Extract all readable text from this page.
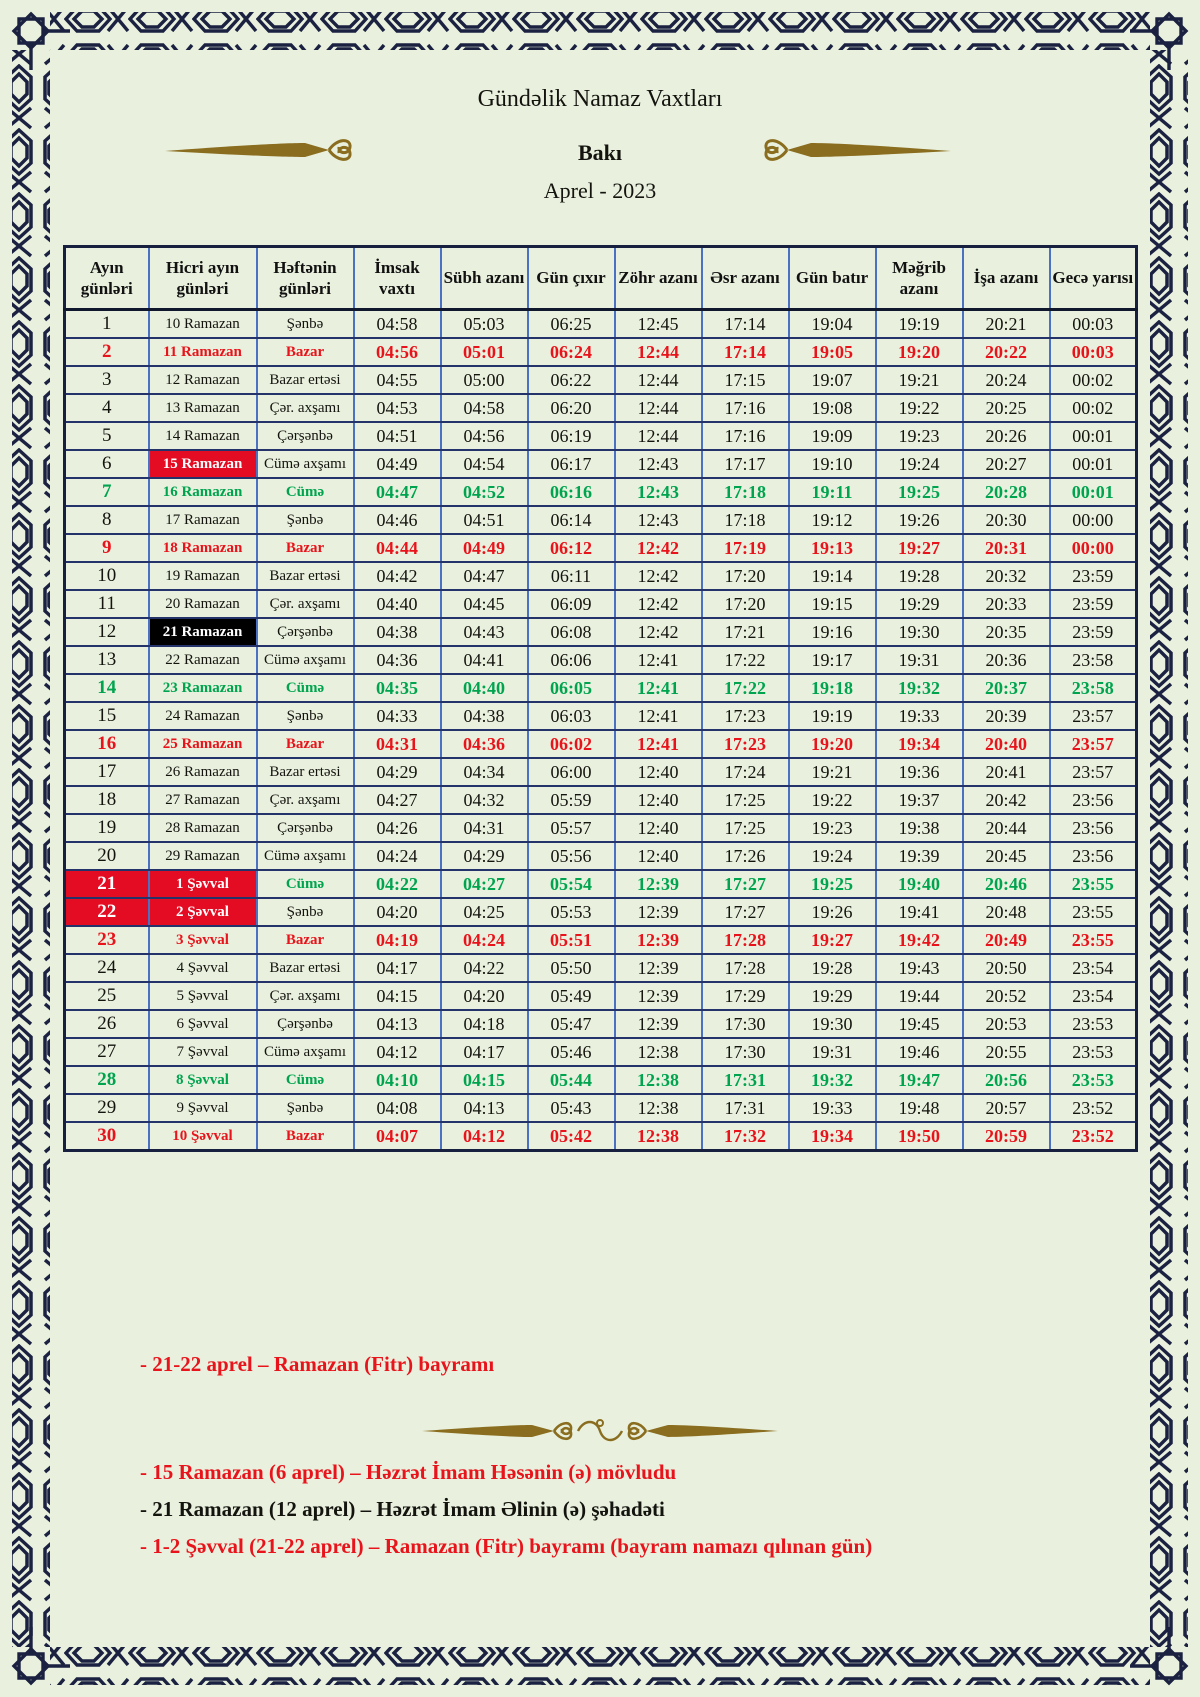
Gündəlik Namaz Vaxtları
Bakı
Aprel - 2023
Ayın günləri	Hicri ayın günləri	Həftənin günləri	İmsak vaxtı	Sübh azanı	Gün çıxır	Zöhr azanı	Əsr azanı	Gün batır	Məğrib azanı	İşa azanı	Gecə yarısı
1	10 Ramazan	Şənbə	04:58	05:03	06:25	12:45	17:14	19:04	19:19	20:21	00:03
2	11 Ramazan	Bazar	04:56	05:01	06:24	12:44	17:14	19:05	19:20	20:22	00:03
3	12 Ramazan	Bazar ertəsi	04:55	05:00	06:22	12:44	17:15	19:07	19:21	20:24	00:02
4	13 Ramazan	Çər. axşamı	04:53	04:58	06:20	12:44	17:16	19:08	19:22	20:25	00:02
5	14 Ramazan	Çərşənbə	04:51	04:56	06:19	12:44	17:16	19:09	19:23	20:26	00:01
6	15 Ramazan	Cümə axşamı	04:49	04:54	06:17	12:43	17:17	19:10	19:24	20:27	00:01
7	16 Ramazan	Cümə	04:47	04:52	06:16	12:43	17:18	19:11	19:25	20:28	00:01
8	17 Ramazan	Şənbə	04:46	04:51	06:14	12:43	17:18	19:12	19:26	20:30	00:00
9	18 Ramazan	Bazar	04:44	04:49	06:12	12:42	17:19	19:13	19:27	20:31	00:00
10	19 Ramazan	Bazar ertəsi	04:42	04:47	06:11	12:42	17:20	19:14	19:28	20:32	23:59
11	20 Ramazan	Çər. axşamı	04:40	04:45	06:09	12:42	17:20	19:15	19:29	20:33	23:59
12	21 Ramazan	Çərşənbə	04:38	04:43	06:08	12:42	17:21	19:16	19:30	20:35	23:59
13	22 Ramazan	Cümə axşamı	04:36	04:41	06:06	12:41	17:22	19:17	19:31	20:36	23:58
14	23 Ramazan	Cümə	04:35	04:40	06:05	12:41	17:22	19:18	19:32	20:37	23:58
15	24 Ramazan	Şənbə	04:33	04:38	06:03	12:41	17:23	19:19	19:33	20:39	23:57
16	25 Ramazan	Bazar	04:31	04:36	06:02	12:41	17:23	19:20	19:34	20:40	23:57
17	26 Ramazan	Bazar ertəsi	04:29	04:34	06:00	12:40	17:24	19:21	19:36	20:41	23:57
18	27 Ramazan	Çər. axşamı	04:27	04:32	05:59	12:40	17:25	19:22	19:37	20:42	23:56
19	28 Ramazan	Çərşənbə	04:26	04:31	05:57	12:40	17:25	19:23	19:38	20:44	23:56
20	29 Ramazan	Cümə axşamı	04:24	04:29	05:56	12:40	17:26	19:24	19:39	20:45	23:56
21	1 Şəvval	Cümə	04:22	04:27	05:54	12:39	17:27	19:25	19:40	20:46	23:55
22	2 Şəvval	Şənbə	04:20	04:25	05:53	12:39	17:27	19:26	19:41	20:48	23:55
23	3 Şəvval	Bazar	04:19	04:24	05:51	12:39	17:28	19:27	19:42	20:49	23:55
24	4 Şəvval	Bazar ertəsi	04:17	04:22	05:50	12:39	17:28	19:28	19:43	20:50	23:54
25	5 Şəvval	Çər. axşamı	04:15	04:20	05:49	12:39	17:29	19:29	19:44	20:52	23:54
26	6 Şəvval	Çərşənbə	04:13	04:18	05:47	12:39	17:30	19:30	19:45	20:53	23:53
27	7 Şəvval	Cümə axşamı	04:12	04:17	05:46	12:38	17:30	19:31	19:46	20:55	23:53
28	8 Şəvval	Cümə	04:10	04:15	05:44	12:38	17:31	19:32	19:47	20:56	23:53
29	9 Şəvval	Şənbə	04:08	04:13	05:43	12:38	17:31	19:33	19:48	20:57	23:52
30	10 Şəvval	Bazar	04:07	04:12	05:42	12:38	17:32	19:34	19:50	20:59	23:52
- 21-22 aprel – Ramazan (Fitr) bayramı
- 15 Ramazan (6 aprel) – Həzrət İmam Həsənin (ə) mövludu
- 21 Ramazan (12 aprel) – Həzrət İmam Əlinin (ə) şəhadəti
- 1-2 Şəvval (21-22 aprel) – Ramazan (Fitr) bayramı (bayram namazı qılınan gün)
